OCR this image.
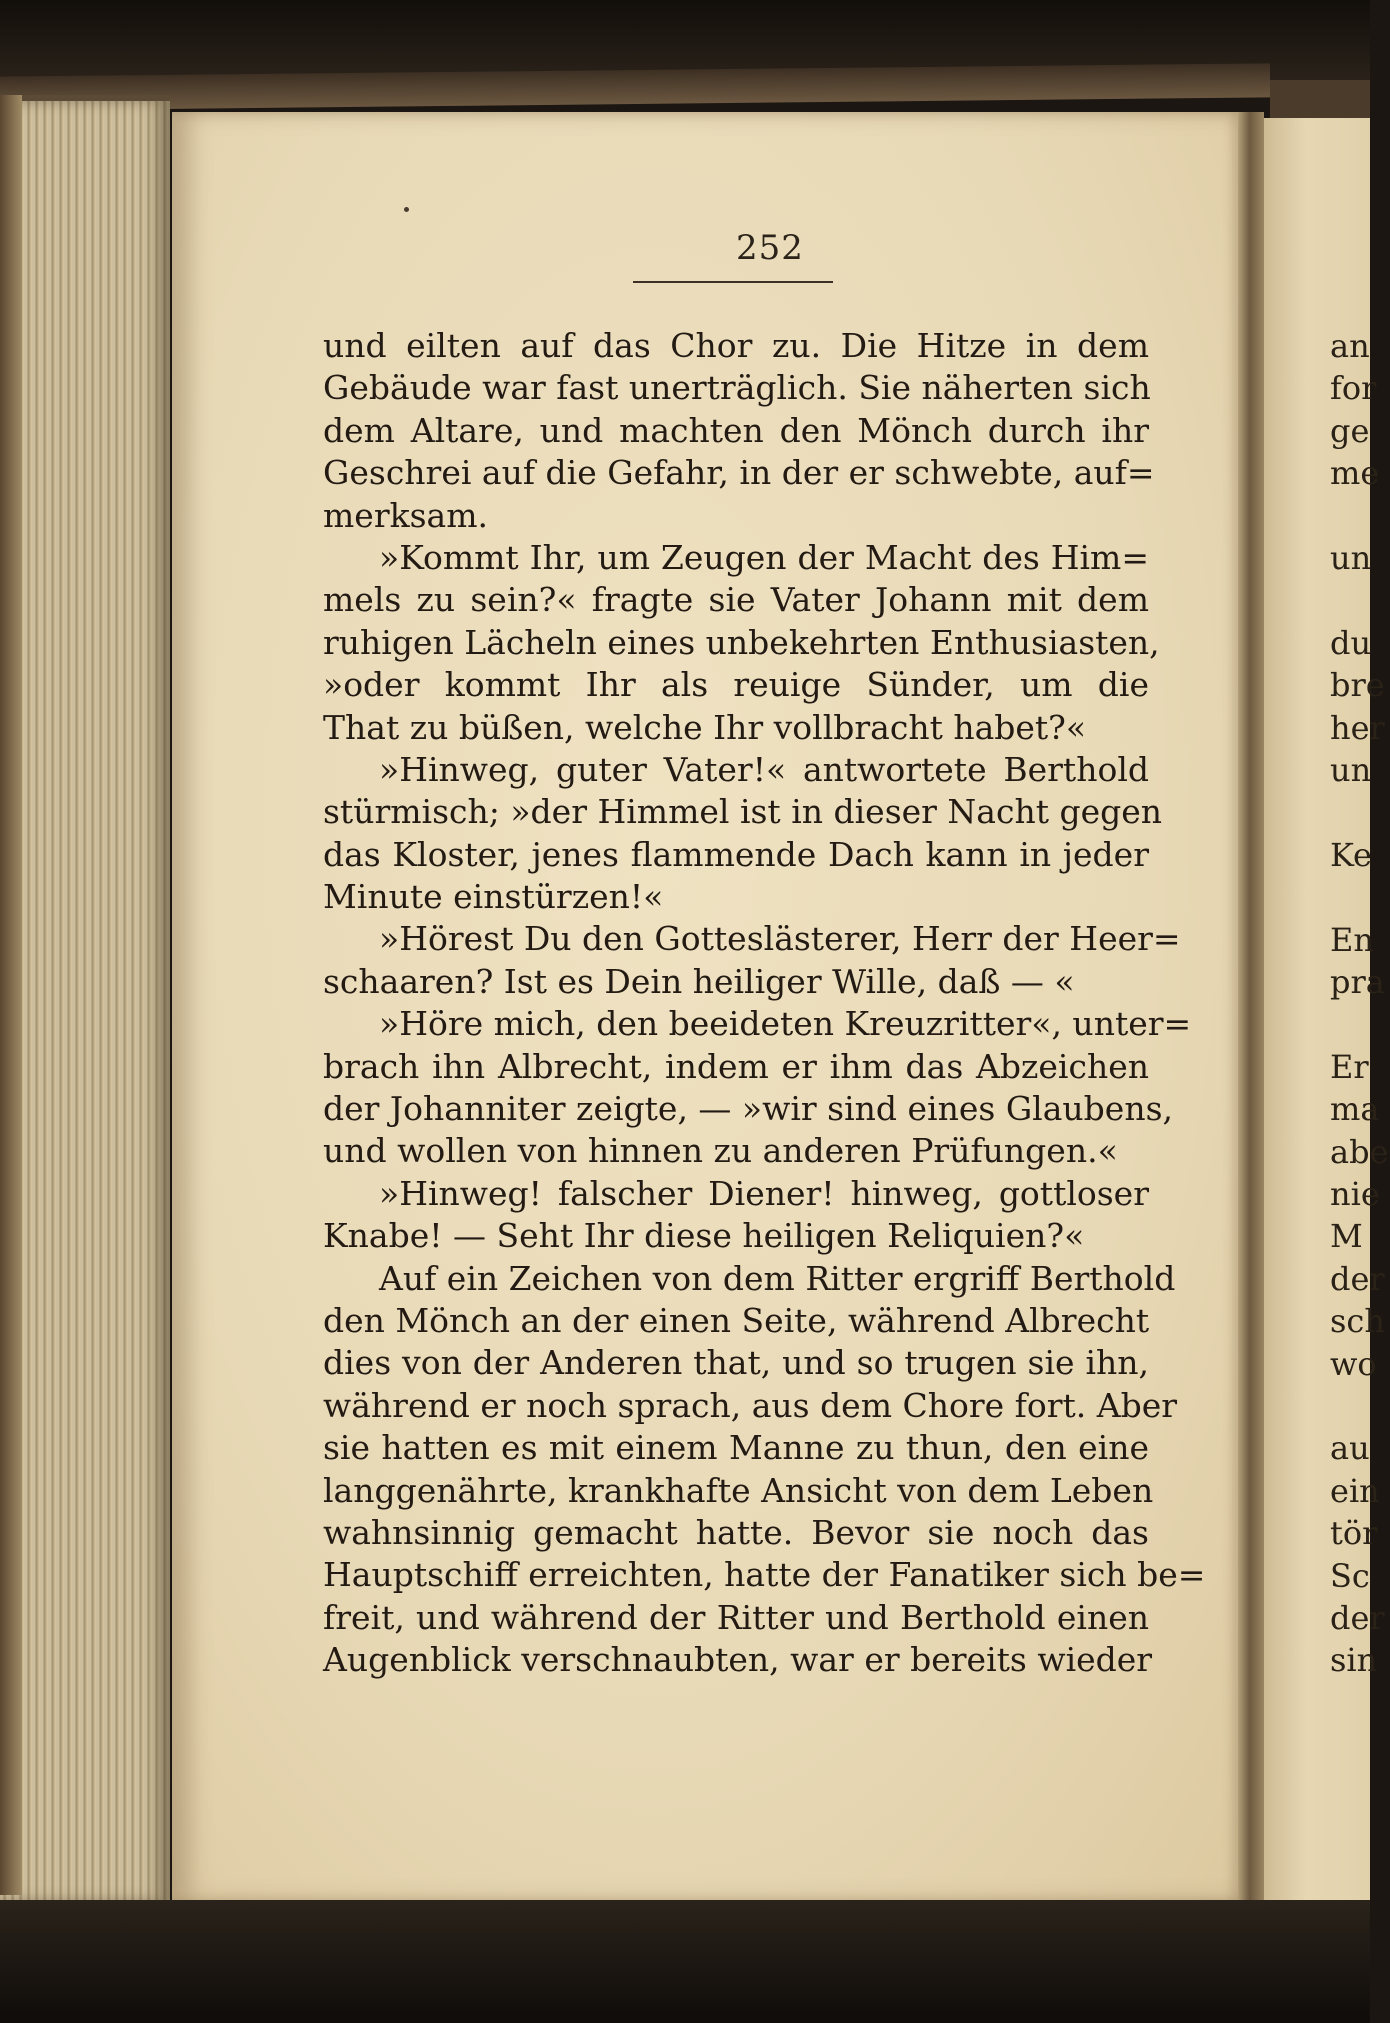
252
und eilten auf das Chor zu. Die Hitze in dem
Gebäude war fast unerträglich. Sie näherten sich
dem Altare, und machten den Mönch durch ihr
Geschrei auf die Gefahr, in der er schwebte, auf=
merksam.
»Kommt Ihr, um Zeugen der Macht des Him=
mels zu sein?« fragte sie Vater Johann mit dem
ruhigen Lächeln eines unbekehrten Enthusiasten,
»oder kommt Ihr als reuige Sünder, um die
That zu büßen, welche Ihr vollbracht habet?«
»Hinweg, guter Vater!« antwortete Berthold
stürmisch; »der Himmel ist in dieser Nacht gegen
das Kloster, jenes flammende Dach kann in jeder
Minute einstürzen!«
»Hörest Du den Gotteslästerer, Herr der Heer=
schaaren? Ist es Dein heiliger Wille, daß — «
»Höre mich, den beeideten Kreuzritter«, unter=
brach ihn Albrecht, indem er ihm das Abzeichen
der Johanniter zeigte, — »wir sind eines Glaubens,
und wollen von hinnen zu anderen Prüfungen.«
»Hinweg! falscher Diener! hinweg, gottloser
Knabe! — Seht Ihr diese heiligen Reliquien?«
Auf ein Zeichen von dem Ritter ergriff Berthold
den Mönch an der einen Seite, während Albrecht
dies von der Anderen that, und so trugen sie ihn,
während er noch sprach, aus dem Chore fort. Aber
sie hatten es mit einem Manne zu thun, den eine
langgenährte, krankhafte Ansicht von dem Leben
wahnsinnig gemacht hatte. Bevor sie noch das
Hauptschiff erreichten, hatte der Fanatiker sich be=
freit, und während der Ritter und Berthold einen
Augenblick verschnaubten, war er bereits wieder
an
for
ge
me
un
du
bre
her
un
Ke
En
pra
Er
ma
abe
nie
M
der
sch
wo
au
ein
tör
Sc
der
sin
